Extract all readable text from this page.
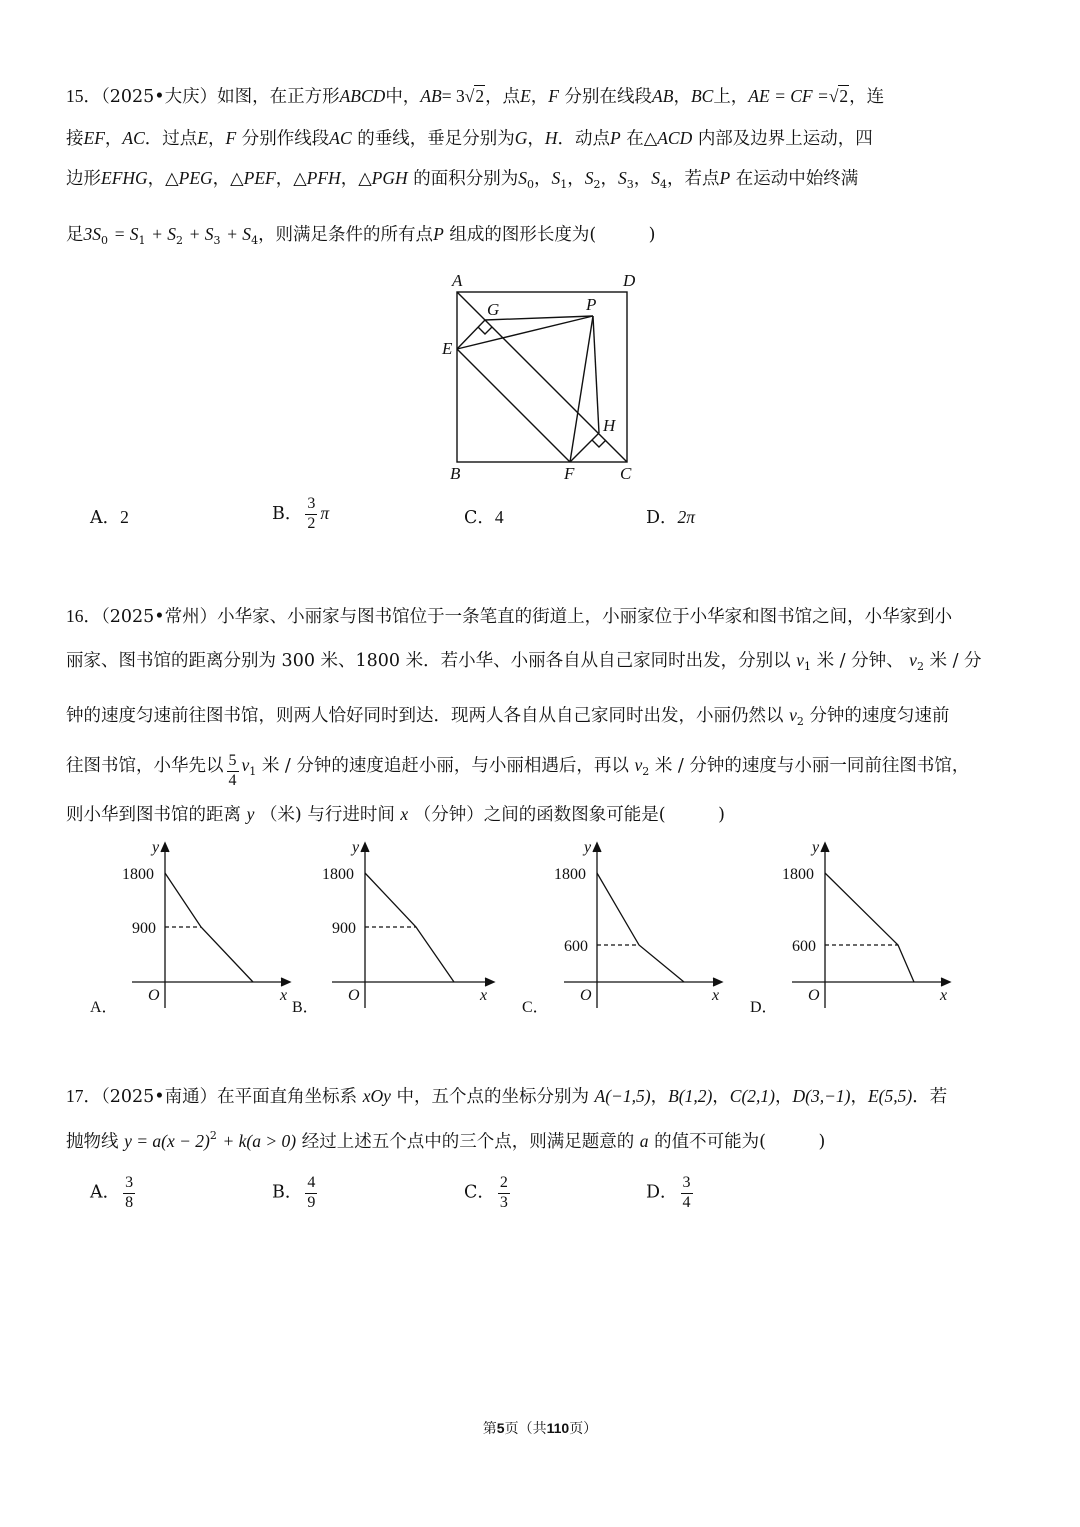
15．（2025•大庆）如图，在正方形ABCD中，AB= 3√2，点E，F 分别在线段AB，BC上，AE = CF =√2，连
接EF，AC．过点E，F 分别作线段AC 的垂线，垂足分别为G，H．动点P 在△ACD 内部及边界上运动，四
边形EFHG，△PEG，△PEF，△PFH，△PGH 的面积分别为$S_0$，$S_1$，$S_2$，$S_3$，$S_4$，若点P 在运动中始终满
足$3S_0 = S_1 + S_2 + S_3 + S_4$，则满足条件的所有点P 组成的图形长度为(　　　)
A	D
G	P
E
H
B	F	C
A．2	B． $\frac{3}{2}$ π	C．4	D．2π
16．（2025•常州）小华家、小丽家与图书馆位于一条笔直的街道上，小丽家位于小华家和图书馆之间，小华家到小
丽家、图书馆的距离分别为 300 米、1800 米．若小华、小丽各自从自己家同时出发，分别以 $v_1$ 米 / 分钟、 $v_2$ 米 / 分
钟的速度匀速前往图书馆，则两人恰好同时到达．现两人各自从自己家同时出发，小丽仍然以 $v_2$ 分钟的速度匀速前
往图书馆，小华先以 $\frac{5}{4} v_1$ 米 / 分钟的速度追赶小丽，与小丽相遇后，再以 $v_2$ 米 / 分钟的速度与小丽一同前往图书馆，
则小华到图书馆的距离 y （米) 与行进时间 x （分钟）之间的函数图象可能是(　　　)
y
1800
900
O	x
A．
y
1800
900
O	x
B．
y
1800
600
O	x
C．
y
1800
600
O	x
D．
17．（2025•南通）在平面直角坐标系 xOy 中，五个点的坐标分别为 A(−1,5)，B(1,2)，C(2,1)，D(3,−1)，E(5,5)．若
抛物线 $y = a(x - 2)^2 + k(a > 0)$ 经过上述五个点中的三个点，则满足题意的 a 的值不可能为(　　　)
A． $\frac{3}{8}$	B． $\frac{4}{9}$	C． $\frac{2}{3}$	D． $\frac{3}{4}$
第5页（共110页）
